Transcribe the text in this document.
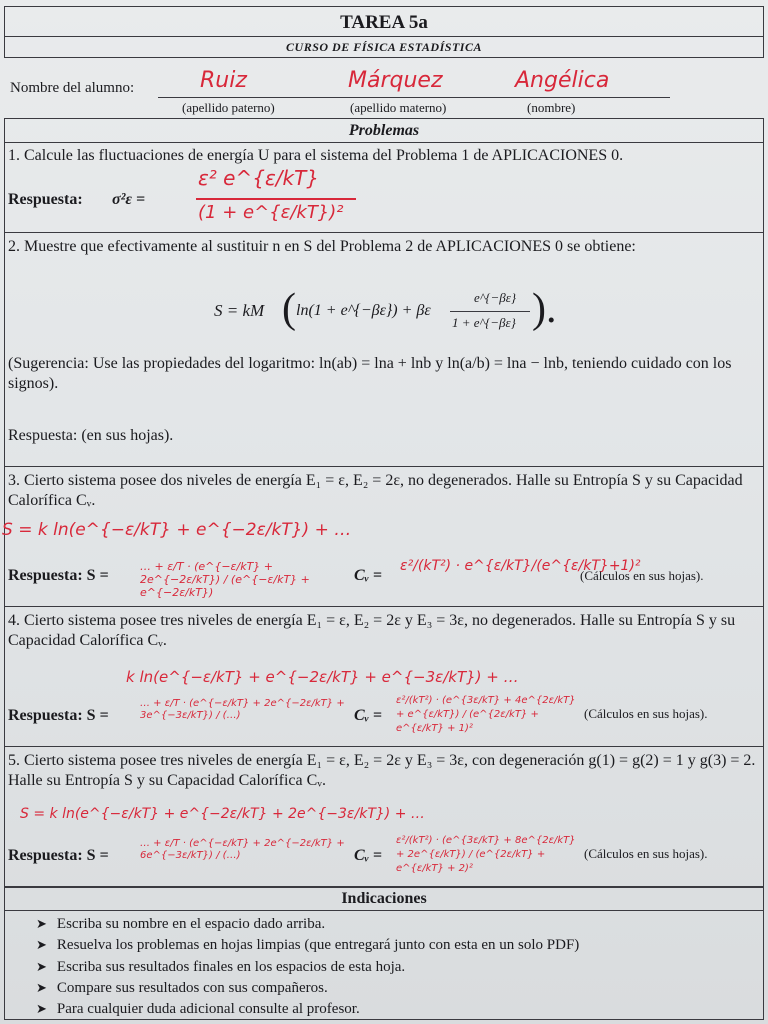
TAREA 5a
CURSO DE FÍSICA ESTADÍSTICA
Nombre del alumno:	Ruiz	Márquez	Angélica
(apellido paterno)	(apellido materno)	(nombre)
Problemas
1. Calcule las fluctuaciones de energía U para el sistema del Problema 1 de APLICACIONES 0.
Respuesta: σ²ε =
ε² e^{ε/kT}
(1 + e^{ε/kT})²
2. Muestre que efectivamente al sustituir n en S del Problema 2 de APLICACIONES 0 se obtiene:
S = kM ( ln(1 + e^{−βε}) + βε
e^{−βε}
1 + e^{−βε} ).
(Sugerencia: Use las propiedades del logaritmo: ln(ab) = lna + lnb y ln(a/b) = lna − lnb, teniendo cuidado con los signos).
Respuesta: (en sus hojas).
3. Cierto sistema posee dos niveles de energía E₁ = ε, E₂ = 2ε, no degenerados. Halle su Entropía S y su Capacidad Calorífica Cᵥ.
S = k ln(e^{−ε/kT} + e^{−2ε/kT}) + …
Respuesta: S =
… + ε/T · (e^{−ε/kT} + 2e^{−2ε/kT}) / (e^{−ε/kT} + e^{−2ε/kT})
Cᵥ =
ε²/(kT²) · e^{ε/kT}/(e^{ε/kT}+1)²
(Cálculos en sus hojas).
4. Cierto sistema posee tres niveles de energía E₁ = ε, E₂ = 2ε y E₃ = 3ε, no degenerados. Halle su Entropía S y su Capacidad Calorífica Cᵥ.
k ln(e^{−ε/kT} + e^{−2ε/kT} + e^{−3ε/kT}) + …
Respuesta: S =
… + ε/T · (e^{−ε/kT} + 2e^{−2ε/kT} + 3e^{−3ε/kT}) / (…)	Cᵥ =
ε²/(kT²) · (e^{3ε/kT} + 4e^{2ε/kT} + e^{ε/kT}) / (e^{2ε/kT} + e^{ε/kT} + 1)²
(Cálculos en sus hojas).
5. Cierto sistema posee tres niveles de energía E₁ = ε, E₂ = 2ε y E₃ = 3ε, con degeneración g(1) = g(2) = 1 y g(3) = 2. Halle su Entropía S y su Capacidad Calorífica Cᵥ.
S = k ln(e^{−ε/kT} + e^{−2ε/kT} + 2e^{−3ε/kT}) + …
Respuesta: S =
… + ε/T · (e^{−ε/kT} + 2e^{−2ε/kT} + 6e^{−3ε/kT}) / (…)	Cᵥ =
ε²/(kT²) · (e^{3ε/kT} + 8e^{2ε/kT} + 2e^{ε/kT}) / (e^{2ε/kT} + e^{ε/kT} + 2)²
(Cálculos en sus hojas).
Indicaciones
➤ Escriba su nombre en el espacio dado arriba.
➤ Resuelva los problemas en hojas limpias (que entregará junto con esta en un solo PDF)
➤ Escriba sus resultados finales en los espacios de esta hoja.
➤ Compare sus resultados con sus compañeros.
➤ Para cualquier duda adicional consulte al profesor.
